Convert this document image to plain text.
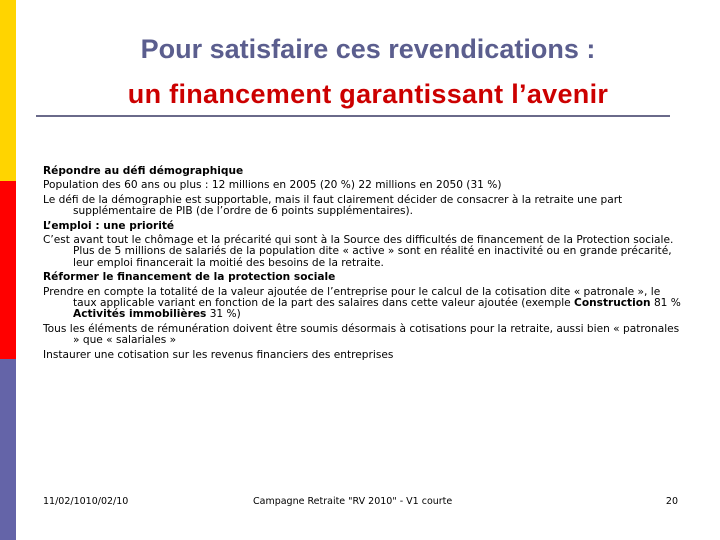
Pour satisfaire ces revendications :
un financement garantissant l’avenir

Répondre au défi démographique

Population des 60 ans ou plus : 12 millions en 2005 (20 %) 22 millions en 2050 (31 %)

Le défi de la démographie est supportable, mais il faut clairement décider de consacrer à la retraite une part supplémentaire de PIB (de l’ordre de 6 points supplémentaires).

L’emploi : une priorité

C’est avant tout le chômage et la précarité qui sont à la Source des difficultés de financement de la Protection sociale. Plus de 5 millions de salariés de la population dite « active » sont en réalité en inactivité ou en grande précarité, leur emploi financerait la moitié des besoins de la retraite.

Réformer le financement de la protection sociale

Prendre en compte la totalité de la valeur ajoutée de l’entreprise pour le calcul de la cotisation dite « patronale », le taux applicable variant en fonction de la part des salaires dans cette valeur ajoutée (exemple Construction 81 % Activités immobilières 31 %)

Tous les éléments de rémunération doivent être soumis désormais à cotisations pour la retraite, aussi bien « patronales » que « salariales »

Instaurer une cotisation sur les revenus financiers des entreprises

11/02/1010/02/10	Campagne Retraite "RV 2010" - V1 courte	20
